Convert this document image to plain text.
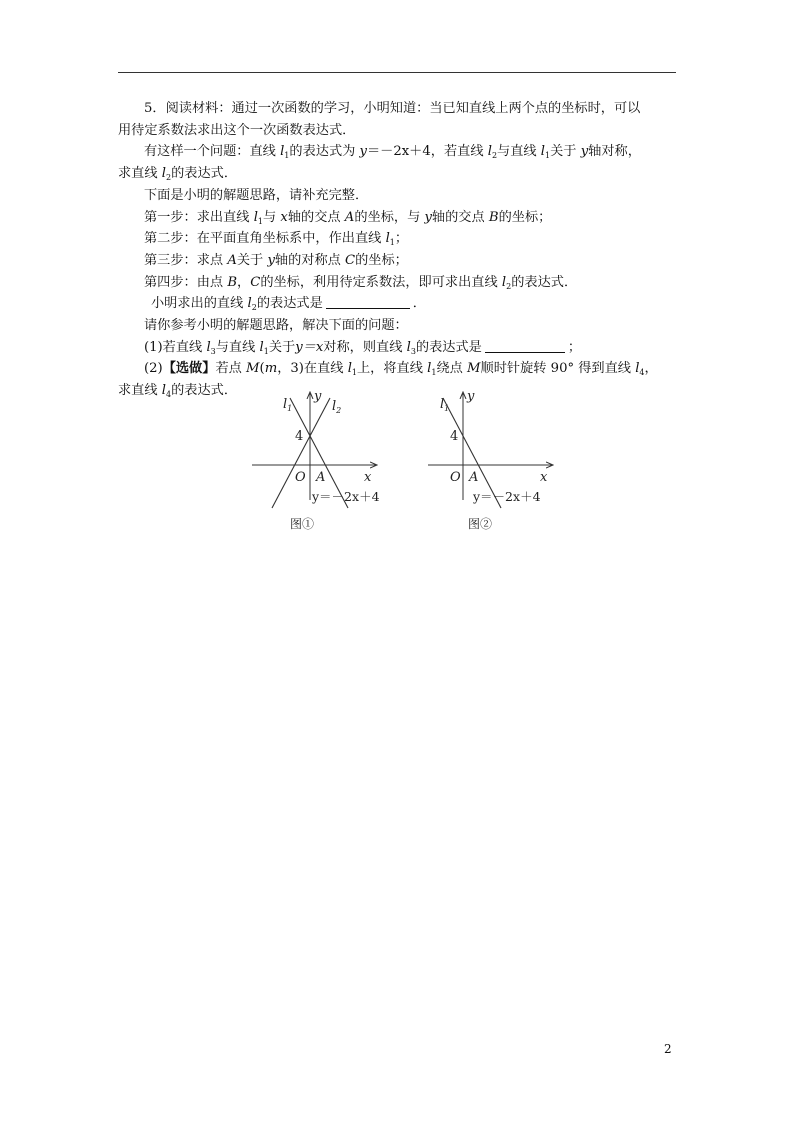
5．阅读材料：通过一次函数的学习，小明知道：当已知直线上两个点的坐标时，可以

用待定系数法求出这个一次函数表达式．

有这样一个问题：直线 $l_1$的表达式为 y＝－2x＋4，若直线 $l_2$与直线 $l_1$关于 y轴对称，

求直线 $l_2$的表达式．

下面是小明的解题思路，请补充完整．

第一步：求出直线 $l_1$与 x轴的交点 A的坐标，与 y轴的交点 B的坐标；

第二步：在平面直角坐标系中，作出直线 $l_1$；

第三步：求点 A关于 y轴的对称点 C的坐标；

第四步：由点 B，C的坐标，利用待定系数法，即可求出直线 $l_2$的表达式．

小明求出的直线 $l_2$的表达式是	．

请你参考小明的解题思路，解决下面的问题：

(1)若直线 $l_3$与直线 $l_1$关于y＝x对称，则直线 $l_3$的表达式是	；

(2)【选做】若点 M(m，3)在直线 $l_1$上，将直线 $l_1$绕点 M顺时针旋转 90° 得到直线 $l_4$，

求直线 $l_4$的表达式．

$l_1$	$l_2$
y
4
O A	x
y＝－2x＋4
图①
$l_1$
y
4
O A	x
y＝－2x＋4
图②
2
